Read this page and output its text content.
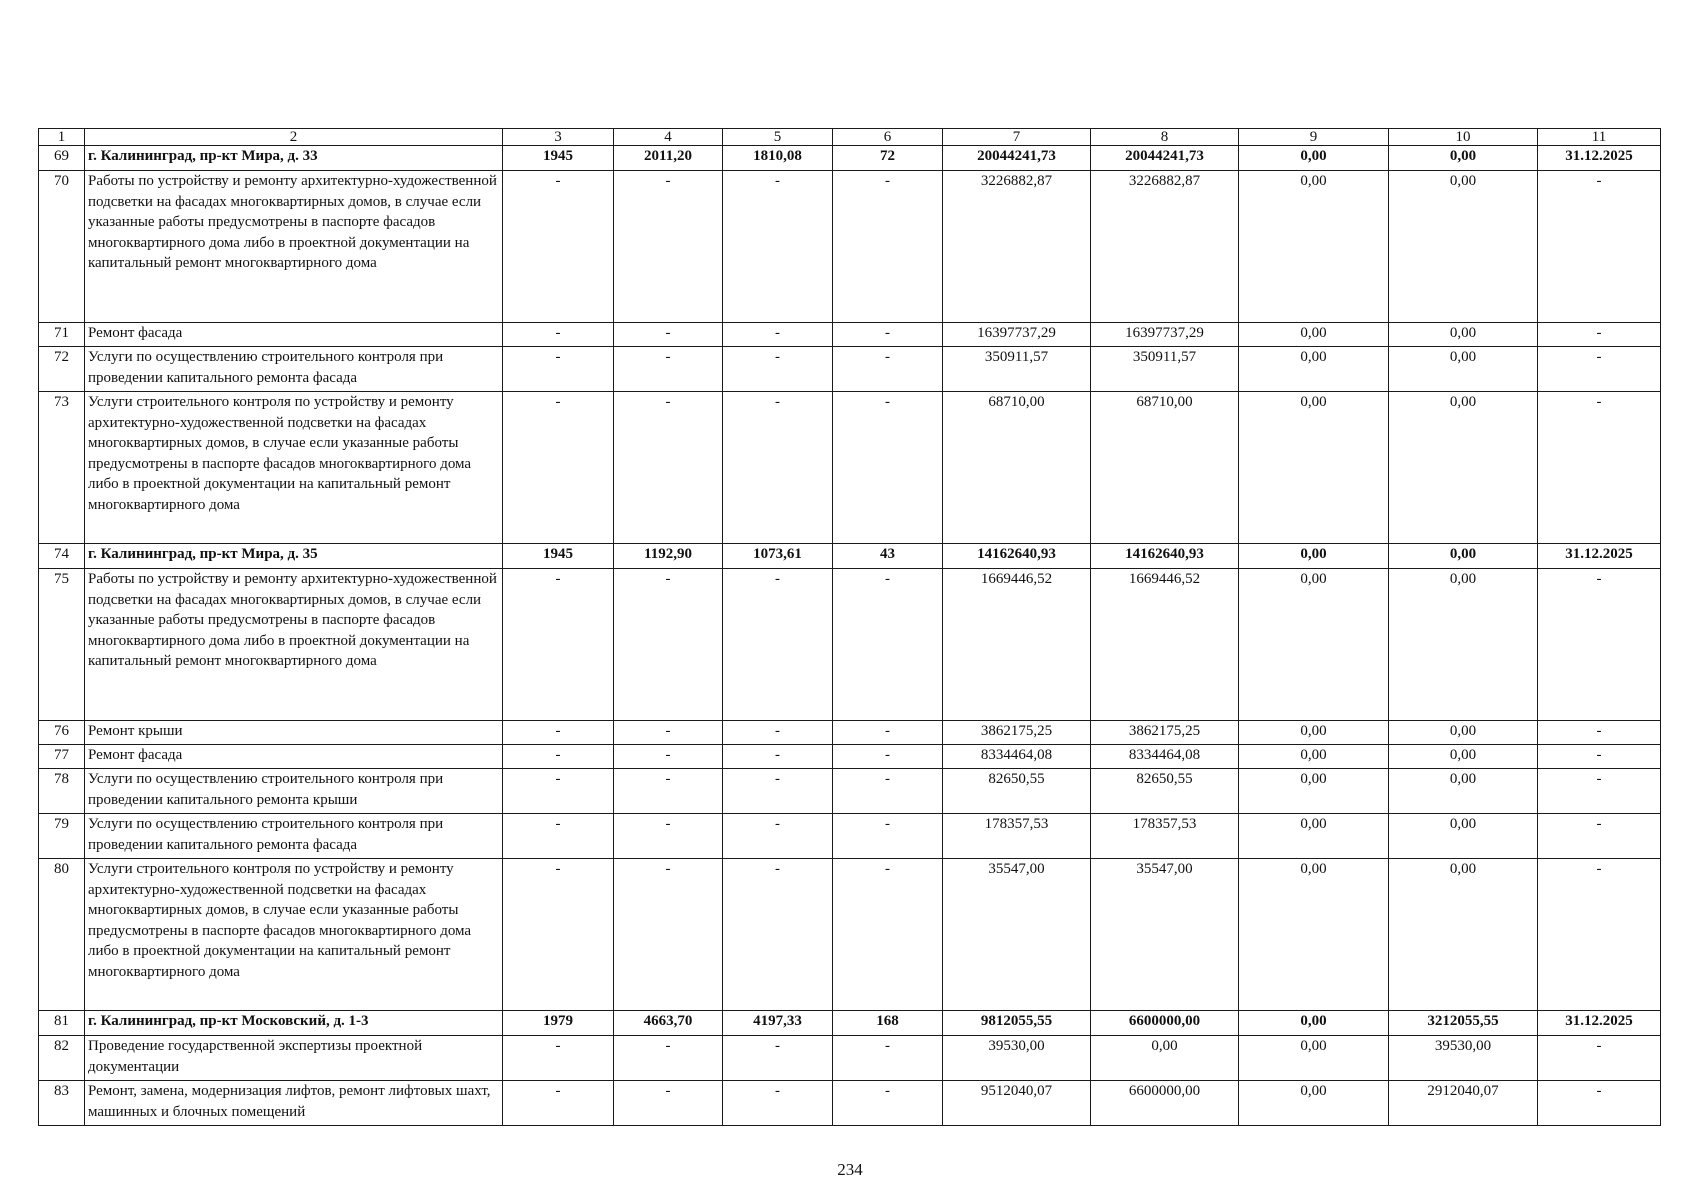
1	2	3	4	5	6	7	8	9	10	11
69	г. Калининград, пр-кт Мира, д. 33	1945	2011,20	1810,08	72	20044241,73	20044241,73	0,00	0,00	31.12.2025
70	Работы по устройству и ремонту архитектурно-художественной подсветки на фасадах многоквартирных домов, в случае если указанные работы предусмотрены в паспорте фасадов многоквартирного дома либо в проектной документации на капитальный ремонт многоквартирного дома	-	-	-	-	3226882,87	3226882,87	0,00	0,00	-
71	Ремонт фасада	-	-	-	-	16397737,29	16397737,29	0,00	0,00	-
72	Услуги по осуществлению строительного контроля при проведении капитального ремонта фасада	-	-	-	-	350911,57	350911,57	0,00	0,00	-
73	Услуги строительного контроля по устройству и ремонту архитектурно-художественной подсветки на фасадах многоквартирных домов, в случае если указанные работы предусмотрены в паспорте фасадов многоквартирного дома либо в проектной документации на капитальный ремонт многоквартирного дома	-	-	-	-	68710,00	68710,00	0,00	0,00	-
74	г. Калининград, пр-кт Мира, д. 35	1945	1192,90	1073,61	43	14162640,93	14162640,93	0,00	0,00	31.12.2025
75	Работы по устройству и ремонту архитектурно-художественной подсветки на фасадах многоквартирных домов, в случае если указанные работы предусмотрены в паспорте фасадов многоквартирного дома либо в проектной документации на капитальный ремонт многоквартирного дома	-	-	-	-	1669446,52	1669446,52	0,00	0,00	-
76	Ремонт крыши	-	-	-	-	3862175,25	3862175,25	0,00	0,00	-
77	Ремонт фасада	-	-	-	-	8334464,08	8334464,08	0,00	0,00	-
78	Услуги по осуществлению строительного контроля при проведении капитального ремонта крыши	-	-	-	-	82650,55	82650,55	0,00	0,00	-
79	Услуги по осуществлению строительного контроля при проведении капитального ремонта фасада	-	-	-	-	178357,53	178357,53	0,00	0,00	-
80	Услуги строительного контроля по устройству и ремонту архитектурно-художественной подсветки на фасадах многоквартирных домов, в случае если указанные работы предусмотрены в паспорте фасадов многоквартирного дома либо в проектной документации на капитальный ремонт многоквартирного дома	-	-	-	-	35547,00	35547,00	0,00	0,00	-
81	г. Калининград, пр-кт Московский, д. 1-3	1979	4663,70	4197,33	168	9812055,55	6600000,00	0,00	3212055,55	31.12.2025
82	Проведение государственной экспертизы проектной документации	-	-	-	-	39530,00	0,00	0,00	39530,00	-
83	Ремонт, замена, модернизация лифтов, ремонт лифтовых шахт, машинных и блочных помещений	-	-	-	-	9512040,07	6600000,00	0,00	2912040,07	-
234
